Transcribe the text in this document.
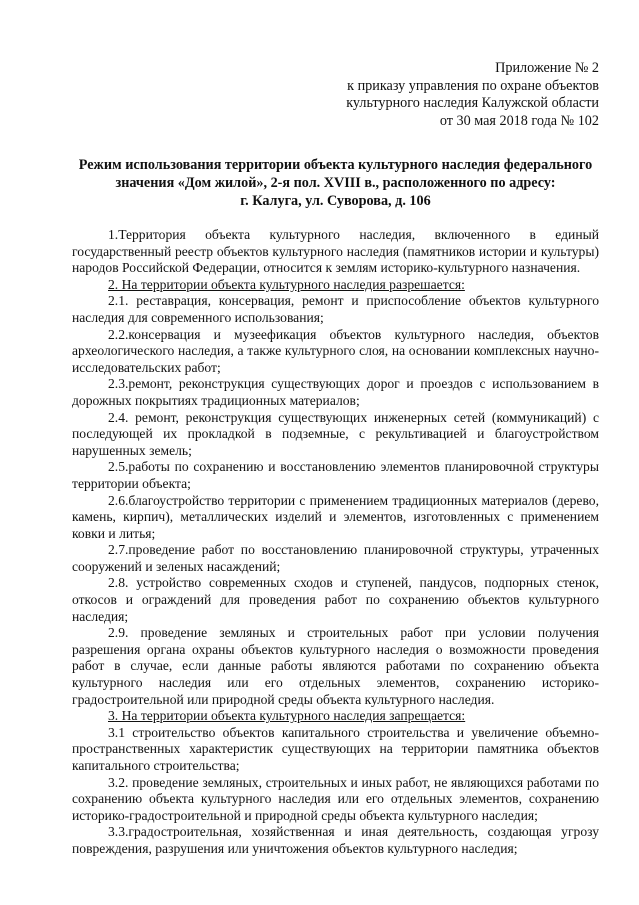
Приложение № 2
к приказу управления по охране объектов
культурного наследия Калужской области
от 30 мая 2018 года № 102
Режим использования территории объекта культурного наследия федерального
значения «Дом жилой», 2-я пол. XVIII в., расположенного по адресу:
г. Калуга, ул. Суворова, д. 106

1.Территория объекта культурного наследия, включенного в единый государственный реестр объектов культурного наследия (памятников истории и культуры) народов Российской Федерации, относится к землям историко-культурного назначения.

2. На территории объекта культурного наследия разрешается:

2.1. реставрация, консервация, ремонт и приспособление объектов культурного наследия для современного использования;

2.2.консервация и музеефикация объектов культурного наследия, объектов археологического наследия, а также культурного слоя, на основании комплексных научно-исследовательских работ;

2.3.ремонт, реконструкция существующих дорог и проездов с использованием в дорожных покрытиях традиционных материалов;

2.4. ремонт, реконструкция существующих инженерных сетей (коммуникаций) с последующей их прокладкой в подземные, с рекультивацией и благоустройством нарушенных земель;

2.5.работы по сохранению и восстановлению элементов планировочной структуры территории объекта;

2.6.благоустройство территории с применением традиционных материалов (дерево, камень, кирпич), металлических изделий и элементов, изготовленных с применением ковки и литья;

2.7.проведение работ по восстановлению планировочной структуры, утраченных сооружений и зеленых насаждений;

2.8. устройство современных сходов и ступеней, пандусов, подпорных стенок, откосов и ограждений для проведения работ по сохранению объектов культурного наследия;

2.9. проведение земляных и строительных работ при условии получения разрешения органа охраны объектов культурного наследия о возможности проведения работ в случае, если данные работы являются работами по сохранению объекта культурного наследия или его отдельных элементов, сохранению историко-градостроительной или природной среды объекта культурного наследия.

3. На территории объекта культурного наследия запрещается:

3.1 строительство объектов капитального строительства и увеличение объемно-пространственных характеристик существующих на территории памятника объектов капитального строительства;

3.2. проведение земляных, строительных и иных работ, не являющихся работами по сохранению объекта культурного наследия или его отдельных элементов, сохранению историко-градостроительной и природной среды объекта культурного наследия;

3.3.градостроительная, хозяйственная и иная деятельность, создающая угрозу повреждения, разрушения или уничтожения объектов культурного наследия;
